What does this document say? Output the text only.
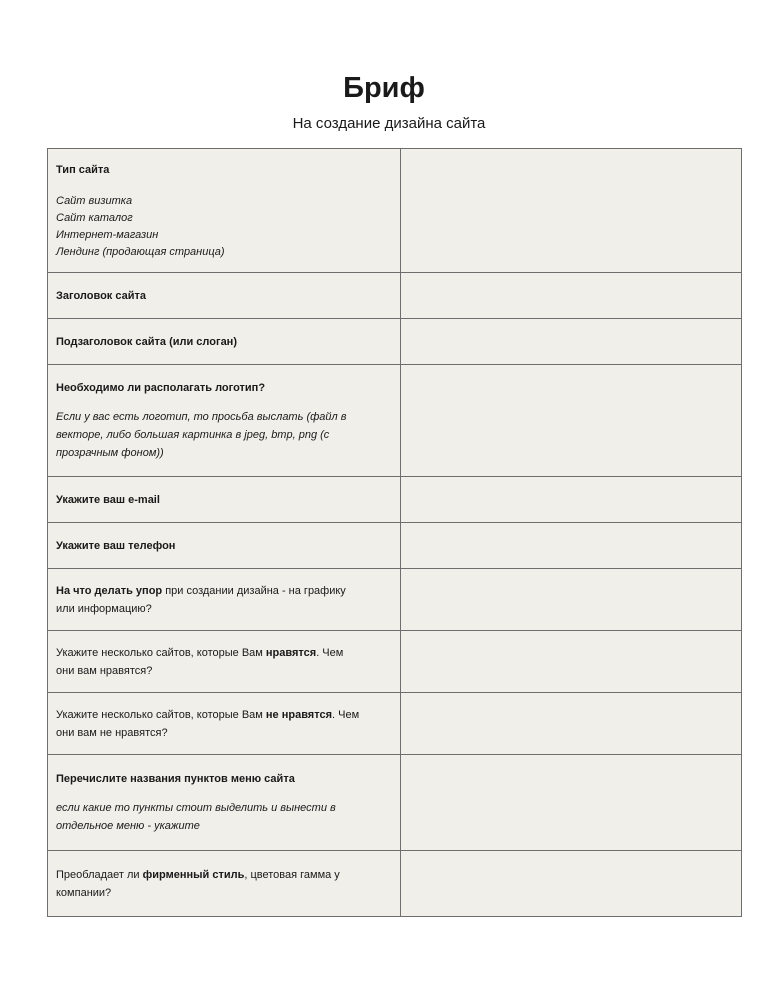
Бриф
На создание дизайна сайта
Тип сайта
Сайт визитка
Сайт каталог
Интернет-магазин
Лендинг (продающая страница)	

Заголовок сайта	

Подзаголовок сайта (или слоган)	

Необходимо ли располагать логотип?
Если у вас есть логотип, то просьба выслать (файл в
векторе, либо большая картинка в jpeg, bmp, png (с
прозрачным фоном))	

Укажите ваш e-mail	

Укажите ваш телефон	

На что делать упор при создании дизайна - на графику
или информацию?	

Укажите несколько сайтов, которые Вам нравятся. Чем
они вам нравятся?	

Укажите несколько сайтов, которые Вам не нравятся. Чем
они вам не нравятся?	

Перечислите названия пунктов меню сайта
если какие то пункты стоит выделить и вынести в
отдельное меню - укажите	

Преобладает ли фирменный стиль, цветовая гамма у
компании?	
